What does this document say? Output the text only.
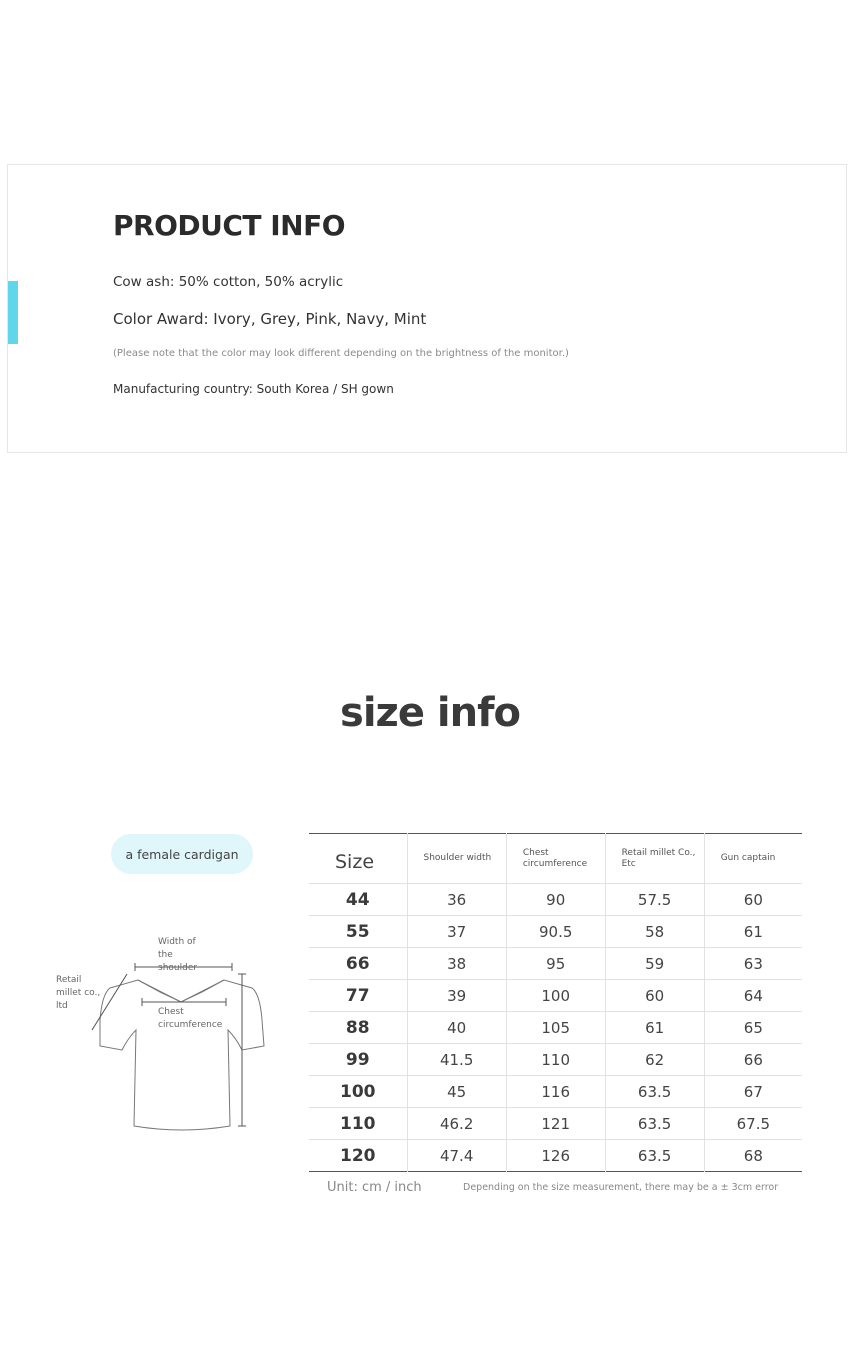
PRODUCT INFO
Cow ash: 50% cotton, 50% acrylic
Color Award: Ivory, Grey, Pink, Navy, Mint
(Please note that the color may look different depending on the brightness of the monitor.)
Manufacturing country: South Korea / SH gown
size info
a female cardigan
Width of the shoulder
Retail millet co., ltd
Chest circumference
Size	Shoulder width	Chest circumference	Retail millet Co., Etc	Gun captain
44	36	90	57.5	60
55	37	90.5	58	61
66	38	95	59	63
77	39	100	60	64
88	40	105	61	65
99	41.5	110	62	66
100	45	116	63.5	67
110	46.2	121	63.5	67.5
120	47.4	126	63.5	68
Unit: cm / inch	Depending on the size measurement, there may be a ± 3cm error
